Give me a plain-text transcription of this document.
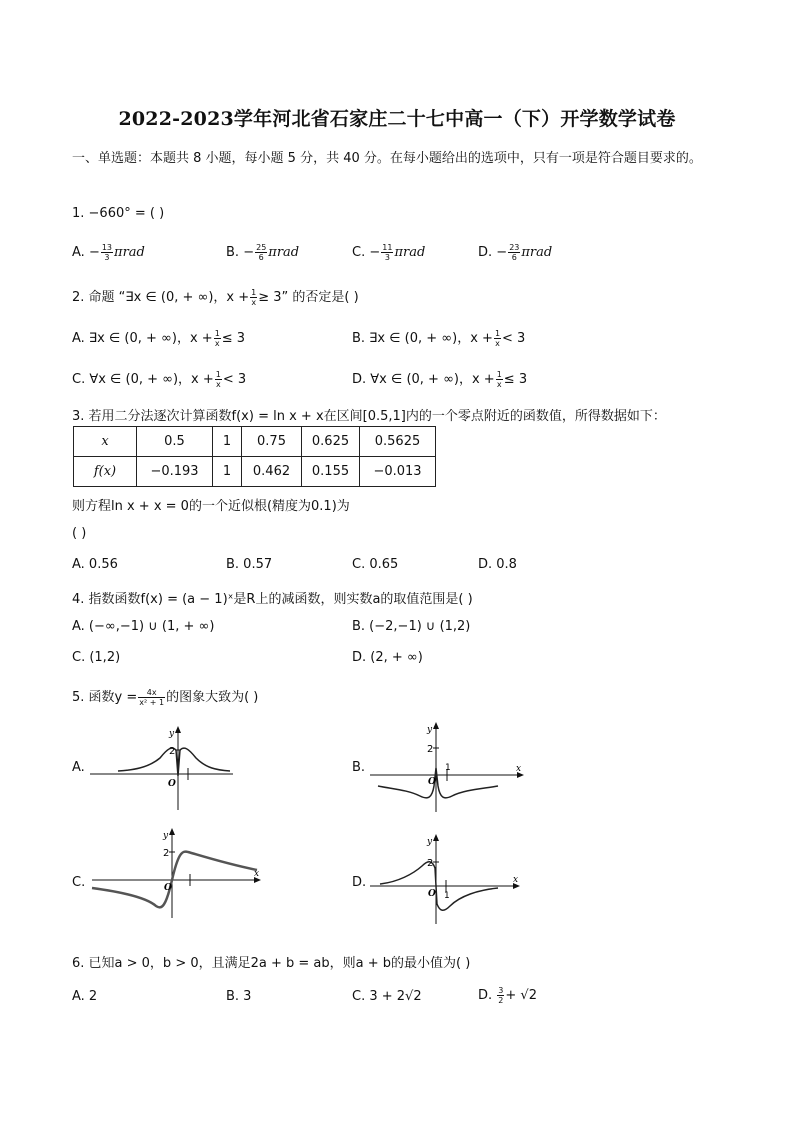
2022-2023学年河北省石家庄二十七中高一（下）开学数学试卷
一、单选题：本题共 8 小题，每小题 5 分，共 40 分。在每小题给出的选项中，只有一项是符合题目要求的。
1. −660° = ( )
A. − $\frac{13}{3}$ πrad	B. − $\frac{25}{6}$ πrad	C. − $\frac{11}{3}$ πrad	D. − $\frac{23}{6}$ πrad
2. 命题 “∃x ∈ (0, + ∞)，$x + \frac{1}{x} \ge 3$” 的否定是( )
A. ∃x ∈ (0, + ∞)，$x + \frac{1}{x} \le 3$	B. ∃x ∈ (0, + ∞)，$x + \frac{1}{x} < 3$
C. ∀x ∈ (0, + ∞)，$x + \frac{1}{x} < 3$	D. ∀x ∈ (0, + ∞)，$x + \frac{1}{x} \le 3$
3. 若用二分法逐次计算函数f(x) = ln x + x在区间[0.5,1]内的一个零点附近的函数值，所得数据如下：
x	0.5	1	0.75	0.625	0.5625
f(x)	−0.193	1	0.462	0.155	−0.013
则方程ln x + x = 0的一个近似根(精度为0.1)为
( )
A. 0.56	B. 0.57	C. 0.65	D. 0.8
4. 指数函数f(x) = (a − 1)ˣ是R上的减函数，则实数a的取值范围是( )
A. (−∞,−1) ∪ (1, + ∞)	B. (−2,−1) ∪ (1,2)
C. (1,2)	D. (2, + ∞)
5. 函数$y = \frac{4x}{\text{x² + 1}}$ 的图象大致为( )
A.	B.
C.	D.
y
2
O
y
x
2
O
1
y
x
2
O
y
x
2
O 1
6. 已知a > 0，b > 0，且满足2a + b = ab，则a + b的最小值为( )
A. 2	B. 3	C. 3 + 2√2	D. $\frac{3}{2} + √2$
